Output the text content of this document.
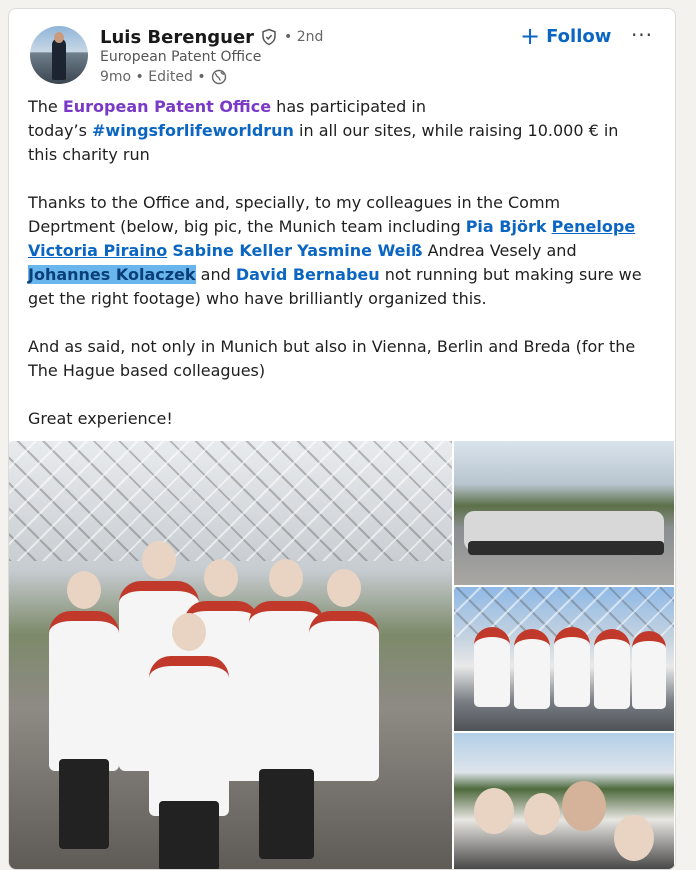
Luis Berenguer • 2nd
European Patent Office
9mo • Edited •
+ Follow ···

The European Patent Office has participated in
today’s #wingsforlifeworldrun in all our sites, while raising 10.000 € in this charity run

Thanks to the Office and, specially, to my colleagues in the Comm Deprtment (below, big pic, the Munich team including Pia Björk Penelope Victoria Piraino Sabine Keller Yasmine Weiß Andrea Vesely and Johannes Kolaczek and David Bernabeu not running but making sure we get the right footage) who have brilliantly organized this.

And as said, not only in Munich but also in Vienna, Berlin and Breda (for the The Hague based colleagues)

Great experience!
